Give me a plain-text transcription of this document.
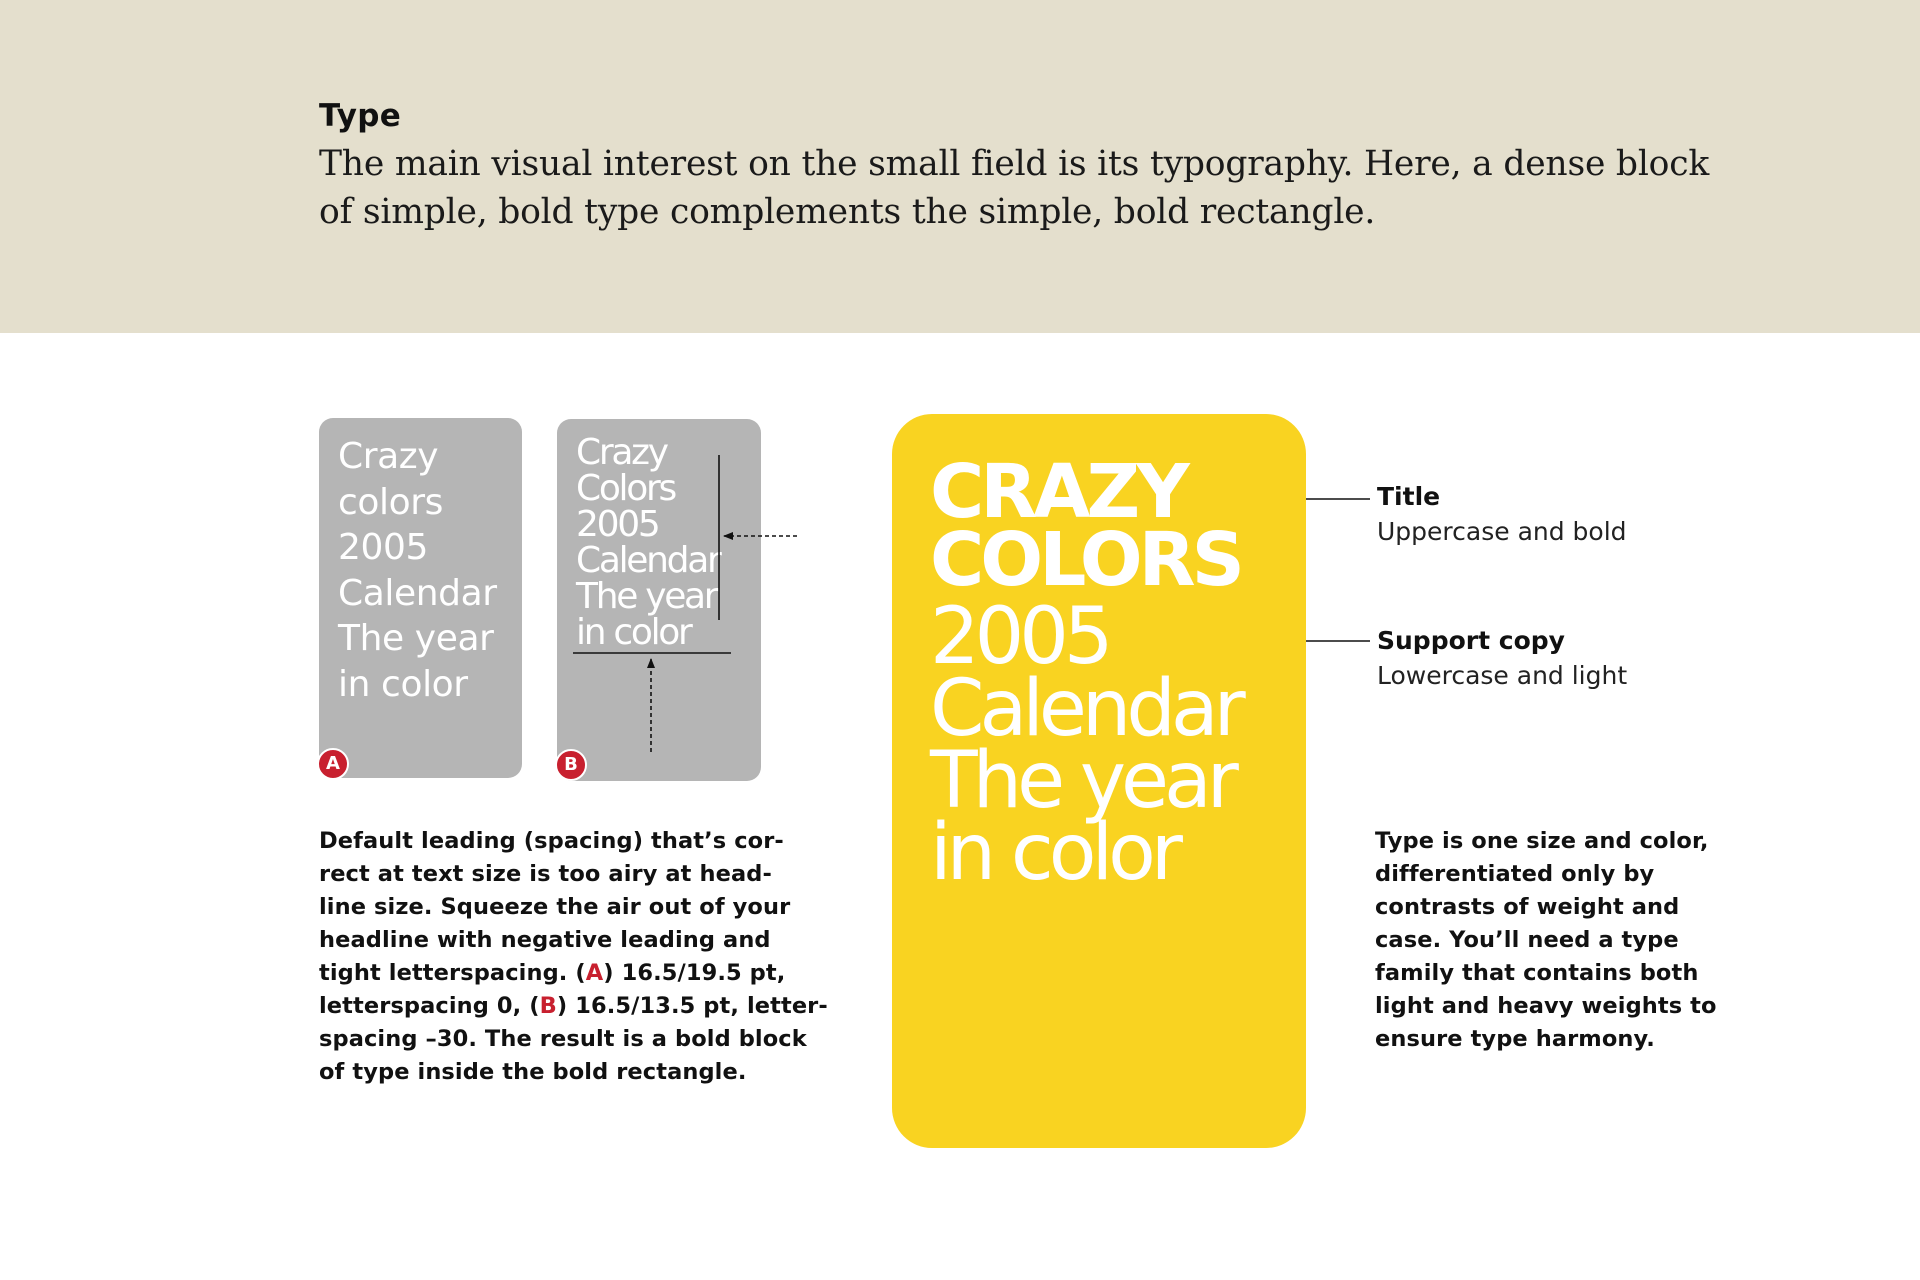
Type
The main visual interest on the small field is its typography. Here, a dense block
of simple, bold type complements the simple, bold rectangle.
Crazy
colors
2005
Calendar
The year
in color
A
Crazy
Colors
2005
Calendar
The year
in color
B
Default leading (spacing) that’s cor-
rect at text size is too airy at head-
line size. Squeeze the air out of your
headline with negative leading and
tight letterspacing. (A) 16.5/19.5 pt,
letterspacing 0, (B) 16.5/13.5 pt, letter-
spacing –30. The result is a bold block
of type inside the bold rectangle.
CRAZY
COLORS
2005
Calendar
The year
in color
Title
Uppercase and bold
Support copy
Lowercase and light
Type is one size and color,
differentiated only by
contrasts of weight and
case. You’ll need a type
family that contains both
light and heavy weights to
ensure type harmony.
